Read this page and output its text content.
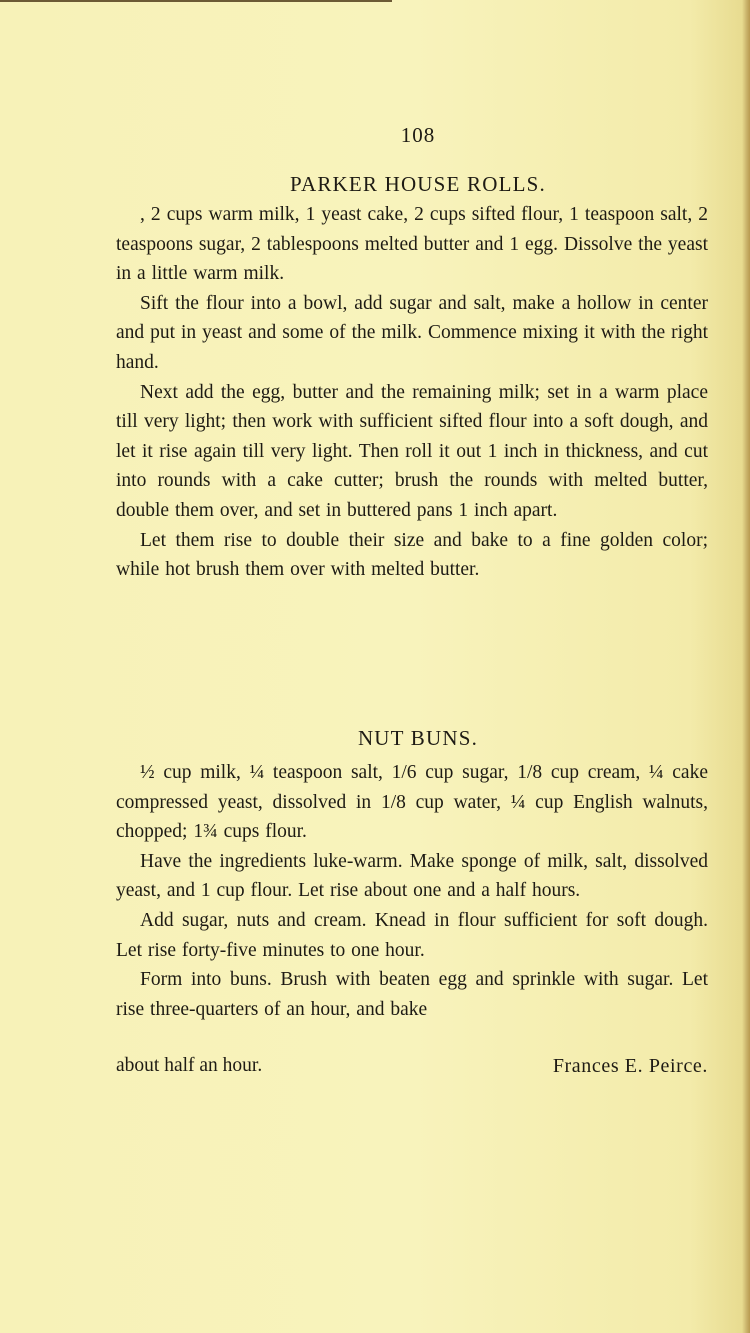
108
PARKER HOUSE ROLLS.

, 2 cups warm milk, 1 yeast cake, 2 cups sifted flour, 1 teaspoon salt, 2 teaspoons sugar, 2 tablespoons melted butter and 1 egg. Dissolve the yeast in a little warm milk.

Sift the flour into a bowl, add sugar and salt, make a hollow in center and put in yeast and some of the milk. Commence mixing it with the right hand.

Next add the egg, butter and the remaining milk; set in a warm place till very light; then work with sufficient sifted flour into a soft dough, and let it rise again till very light. Then roll it out 1 inch in thickness, and cut into rounds with a cake cutter; brush the rounds with melted butter, double them over, and set in buttered pans 1 inch apart.

Let them rise to double their size and bake to a fine golden color; while hot brush them over with melted butter.

NUT BUNS.

½ cup milk, ¼ teaspoon salt, 1/6 cup sugar, 1/8 cup cream, ¼ cake compressed yeast, dissolved in 1/8 cup water, ¼ cup English walnuts, chopped; 1¾ cups flour.

Have the ingredients luke-warm. Make sponge of milk, salt, dissolved yeast, and 1 cup flour. Let rise about one and a half hours.

Add sugar, nuts and cream. Knead in flour sufficient for soft dough. Let rise forty-five minutes to one hour.

Form into buns. Brush with beaten egg and sprinkle with sugar. Let rise three-quarters of an hour, and bake

about half an hour.	Frances E. Peirce.
